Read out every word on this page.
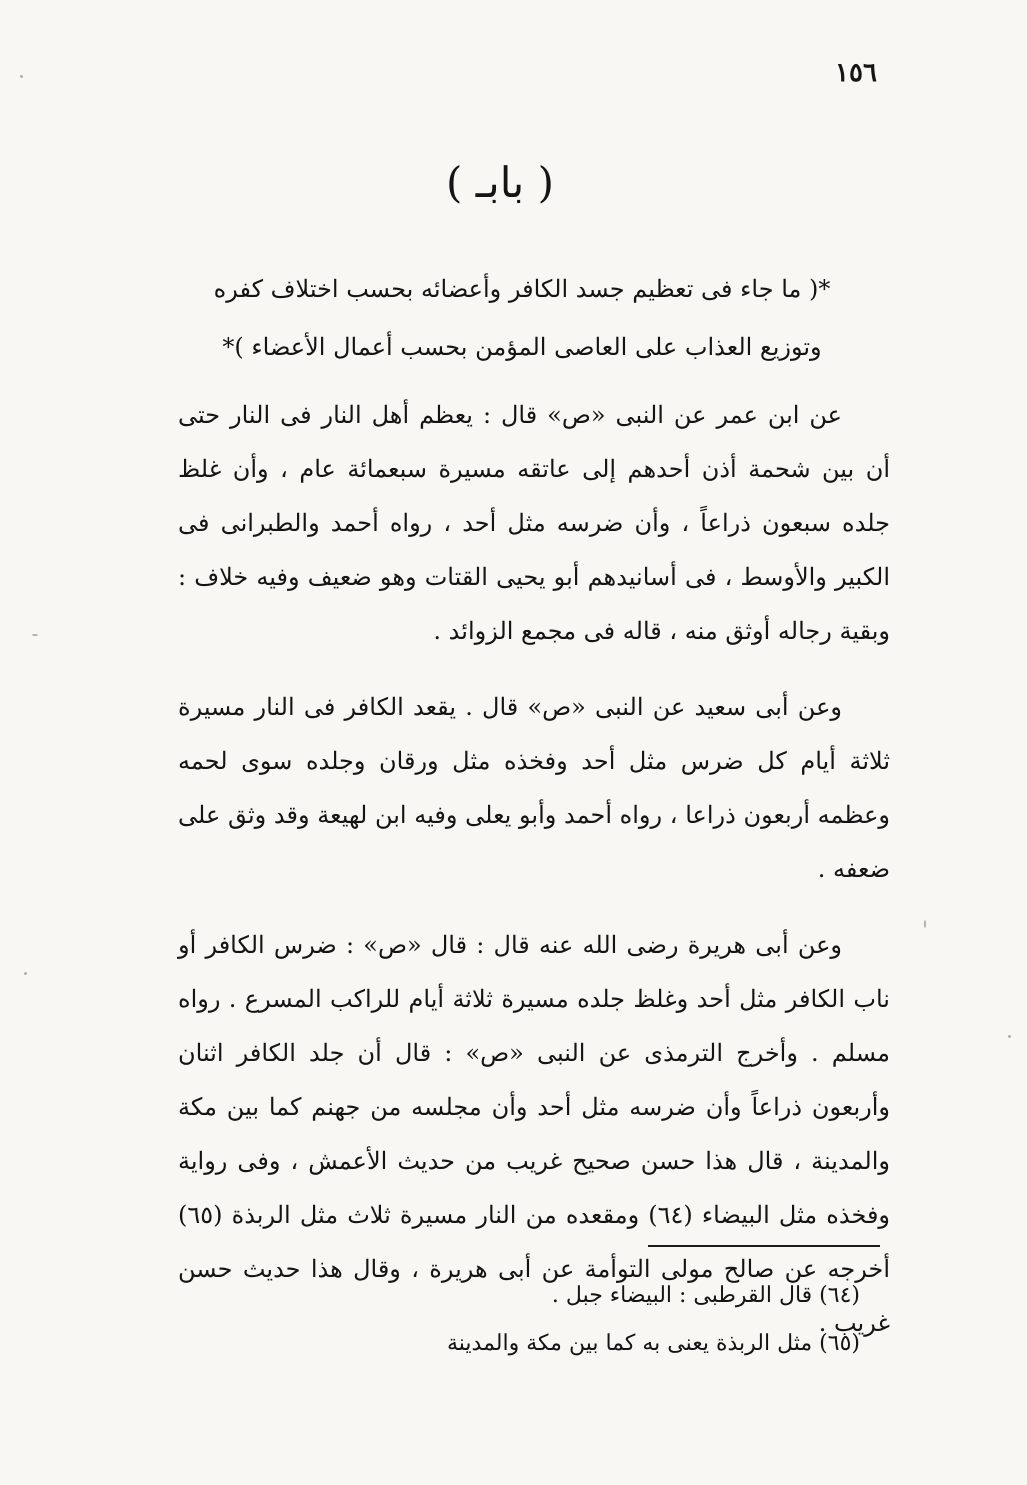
١٥٦
( بابـ )
*( ما جاء فى تعظيم جسد الكافر وأعضائه بحسب اختلاف كفره
وتوزيع العذاب على العاصى المؤمن بحسب أعمال الأعضاء )*

عن ابن عمر عن النبى «ص» قال : يعظم أهل النار فى النار حتى أن بين شحمة أذن أحدهم إلى عاتقه مسيرة سبعمائة عام ، وأن غلظ جلده سبعون ذراعاً ، وأن ضرسه مثل أحد ، رواه أحمد والطبرانى فى الكبير والأوسط ، فى أسانيدهم أبو يحيى القتات وهو ضعيف وفيه خلاف : وبقية رجاله أوثق منه ، قاله فى مجمع الزوائد .

وعن أبى سعيد عن النبى «ص» قال . يقعد الكافر فى النار مسيرة ثلاثة أيام كل ضرس مثل أحد وفخذه مثل ورقان وجلده سوى لحمه وعظمه أربعون ذراعا ، رواه أحمد وأبو يعلى وفيه ابن لهيعة وقد وثق على ضعفه .

وعن أبى هريرة رضى الله عنه قال : قال «ص» : ضرس الكافر أو ناب الكافر مثل أحد وغلظ جلده مسيرة ثلاثة أيام للراكب المسرع . رواه مسلم . وأخرج الترمذى عن النبى «ص» : قال أن جلد الكافر اثنان وأربعون ذراعاً وأن ضرسه مثل أحد وأن مجلسه من جهنم كما بين مكة والمدينة ، قال هذا حسن صحيح غريب من حديث الأعمش ، وفى رواية وفخذه مثل البيضاء (٦٤) ومقعده من النار مسيرة ثلاث مثل الربذة (٦٥) أخرجه عن صالح مولى التوأمة عن أبى هريرة ، وقال هذا حديث حسن غريب .

(٦٤) قال القرطبى : البيضاء جبل .

(٦٥) مثل الربذة يعنى به كما بين مكة والمدينة
